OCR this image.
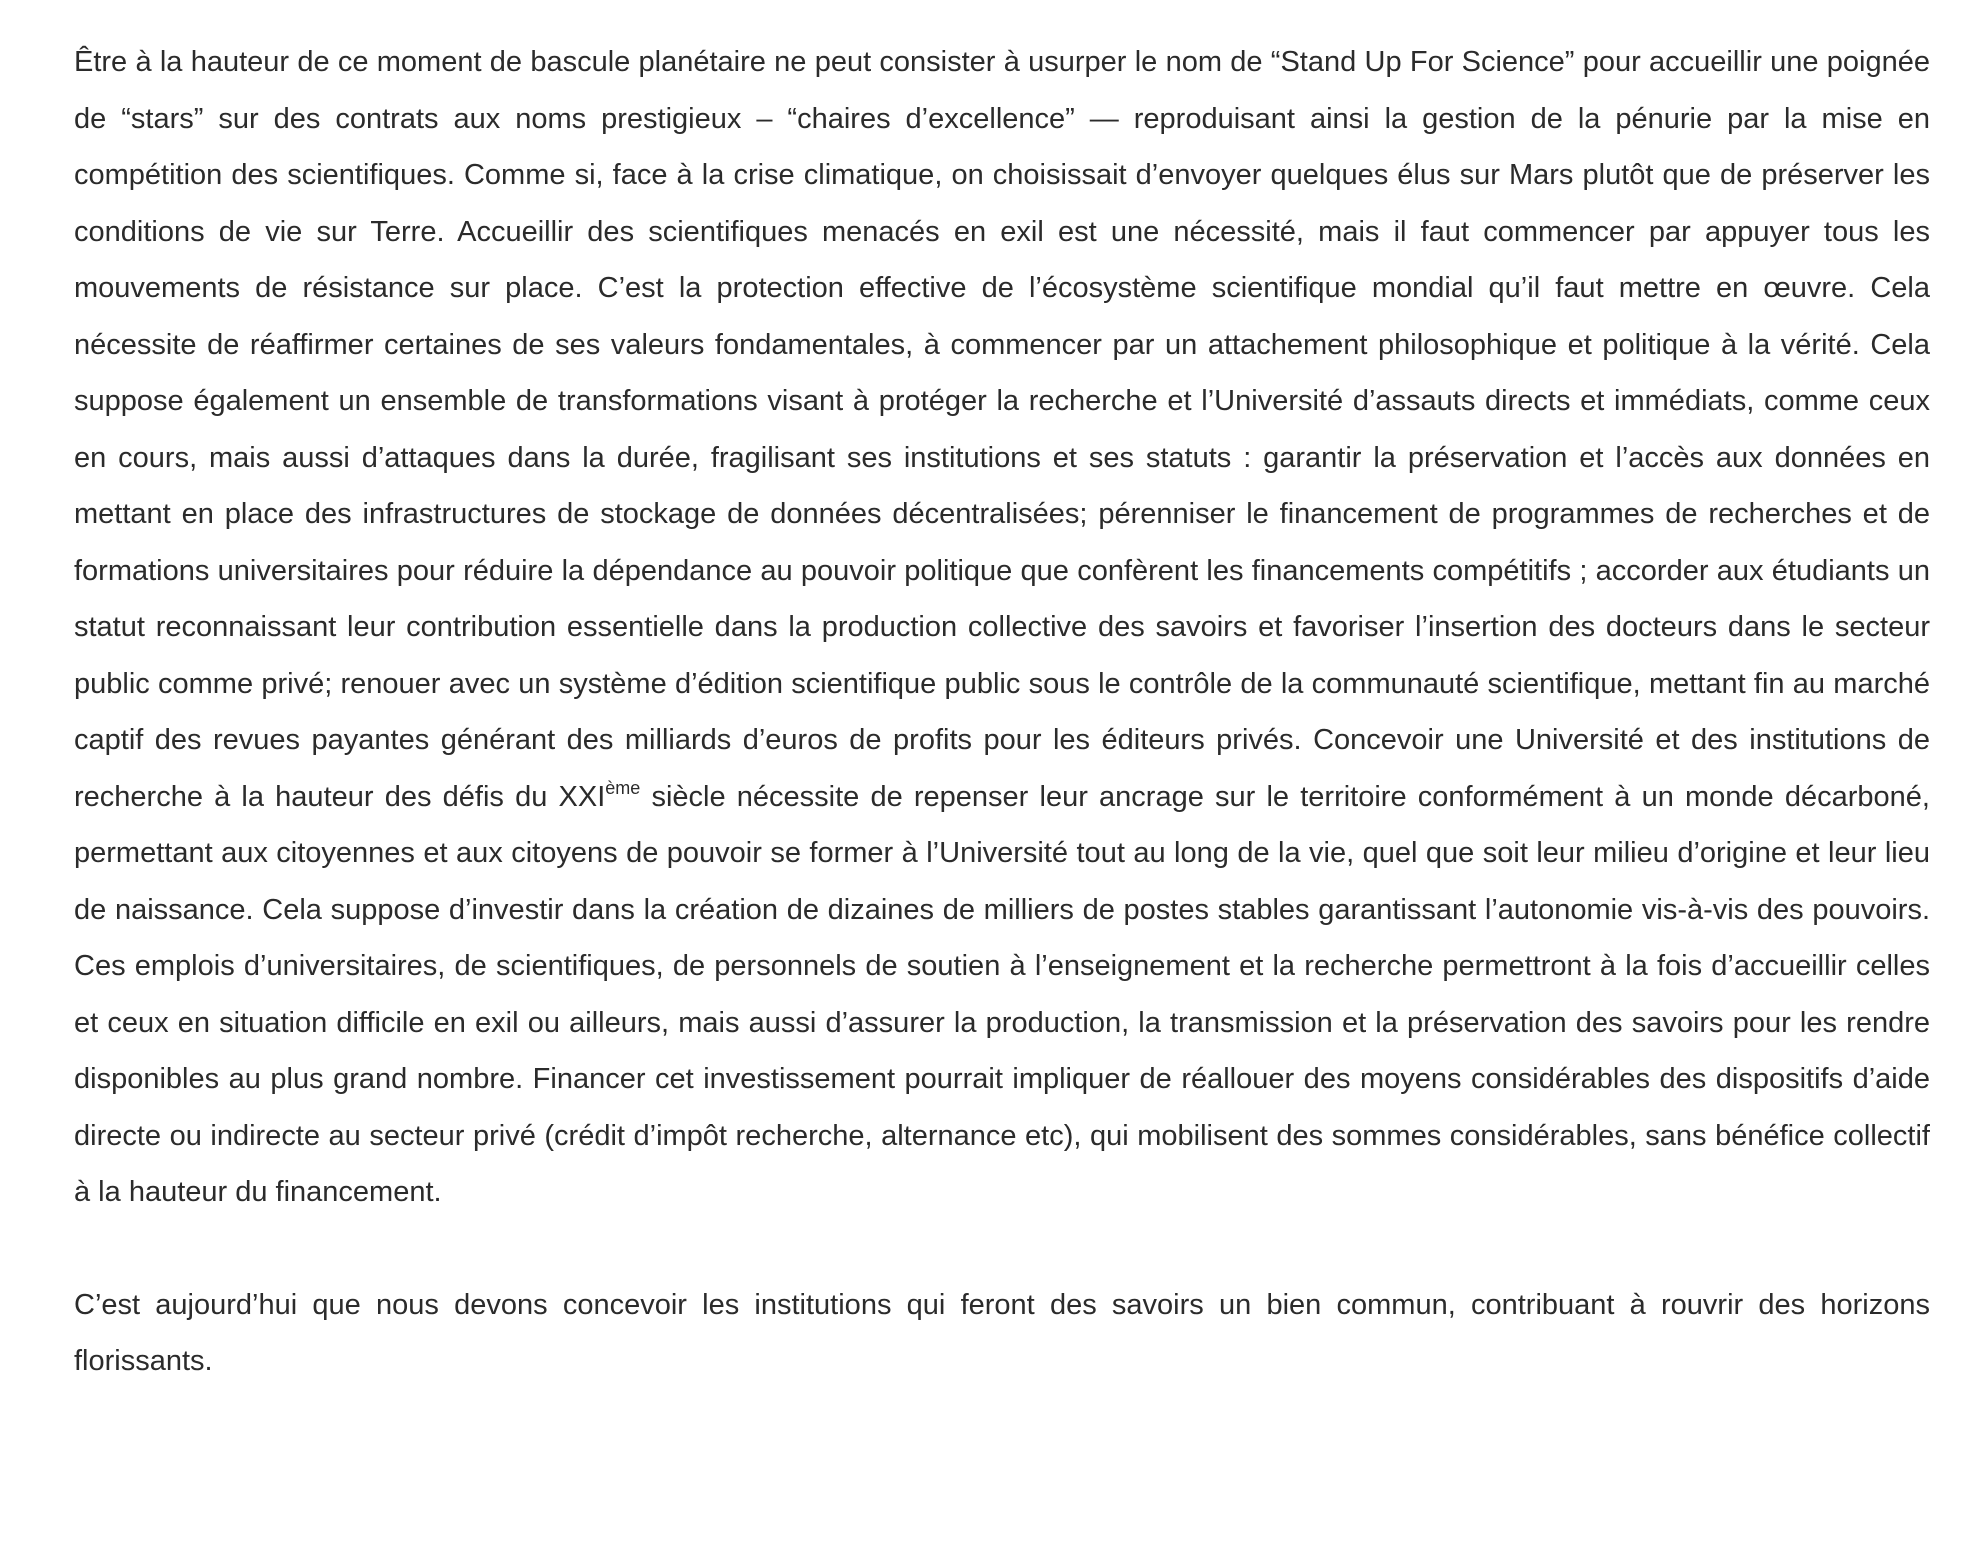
Être à la hauteur de ce moment de bascule planétaire ne peut consister à usurper le nom de “Stand Up For Science” pour accueillir une poignée de “stars” sur des contrats aux noms prestigieux – “chaires d’excellence” — reproduisant ainsi la gestion de la pénurie par la mise en compétition des scientifiques. Comme si, face à la crise climatique, on choisissait d’envoyer quelques élus sur Mars plutôt que de préserver les conditions de vie sur Terre. Accueillir des scientifiques menacés en exil est une nécessité, mais il faut commencer par appuyer tous les mouvements de résistance sur place. C’est la protection effective de l’écosystème scientifique mondial qu’il faut mettre en œuvre. Cela nécessite de réaffirmer certaines de ses valeurs fondamentales, à commencer par un attachement philosophique et politique à la vérité. Cela suppose également un ensemble de transformations visant à protéger la recherche et l’Université d’assauts directs et immédiats, comme ceux en cours, mais aussi d’attaques dans la durée, fragilisant ses institutions et ses statuts : garantir la préservation et l’accès aux données en mettant en place des infrastructures de stockage de données décentralisées; pérenniser le financement de programmes de recherches et de formations universitaires pour réduire la dépendance au pouvoir politique que confèrent les financements compétitifs ; accorder aux étudiants un statut reconnaissant leur contribution essentielle dans la production collective des savoirs et favoriser l’insertion des docteurs dans le secteur public comme privé; renouer avec un système d’édition scientifique public sous le contrôle de la communauté scientifique, mettant fin au marché captif des revues payantes générant des milliards d’euros de profits pour les éditeurs privés. Concevoir une Université et des institutions de recherche à la hauteur des défis du XXIème siècle nécessite de repenser leur ancrage sur le territoire conformément à un monde décarboné, permettant aux citoyennes et aux citoyens de pouvoir se former à l’Université tout au long de la vie, quel que soit leur milieu d’origine et leur lieu de naissance. Cela suppose d’investir dans la création de dizaines de milliers de postes stables garantissant l’autonomie vis-à-vis des pouvoirs. Ces emplois d’universitaires, de scientifiques, de personnels de soutien à l’enseignement et la recherche permettront à la fois d’accueillir celles et ceux en situation difficile en exil ou ailleurs, mais aussi d’assurer la production, la transmission et la préservation des savoirs pour les rendre disponibles au plus grand nombre. Financer cet investissement pourrait impliquer de réallouer des moyens considérables des dispositifs d’aide directe ou indirecte au secteur privé (crédit d’impôt recherche, alternance etc), qui mobilisent des sommes considérables, sans bénéfice collectif à la hauteur du financement.

C’est aujourd’hui que nous devons concevoir les institutions qui feront des savoirs un bien commun, contribuant à rouvrir des horizons florissants.
